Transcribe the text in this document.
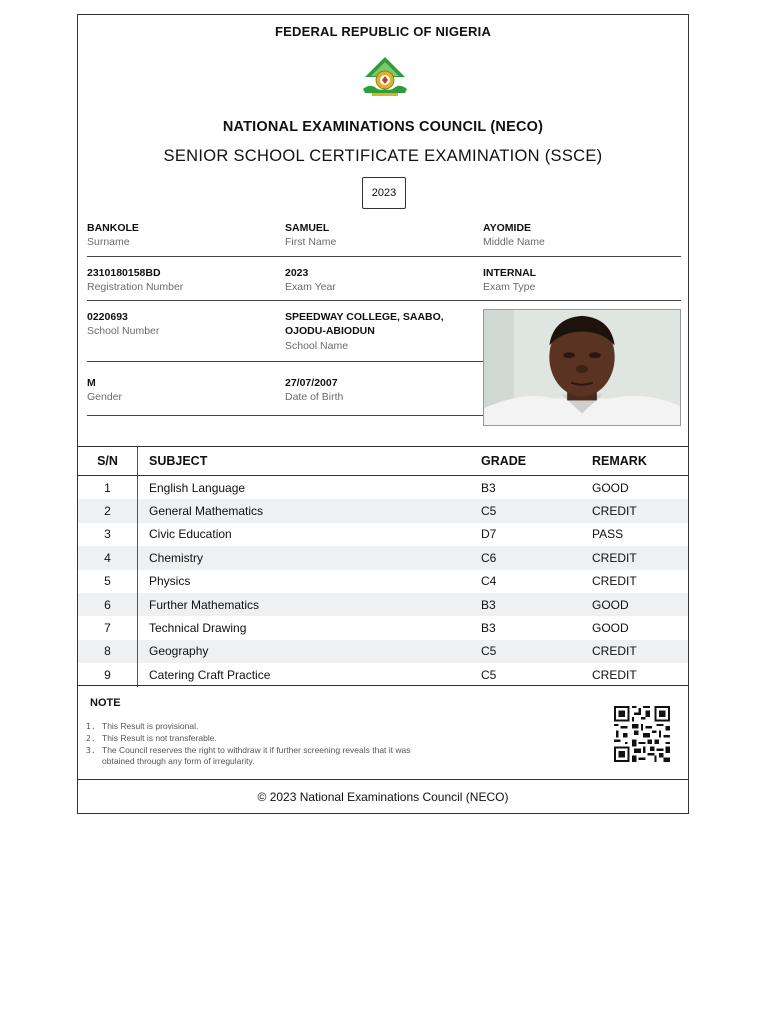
FEDERAL REPUBLIC OF NIGERIA
NATIONAL EXAMINATIONS COUNCIL (NECO)
SENIOR SCHOOL CERTIFICATE EXAMINATION (SSCE)
2023
BANKOLE
Surname
SAMUEL
First Name
AYOMIDE
Middle Name
2310180158BD
Registration Number
2023
Exam Year
INTERNAL
Exam Type
0220693
School Number
SPEEDWAY COLLEGE, SAABO, OJODU-ABIODUN
School Name
M
Gender
27/07/2007
Date of Birth
S/N	SUBJECT	GRADE	REMARK
1	English Language	B3	GOOD
2	General Mathematics	C5	CREDIT
3	Civic Education	D7	PASS
4	Chemistry	C6	CREDIT
5	Physics	C4	CREDIT
6	Further Mathematics	B3	GOOD
7	Technical Drawing	B3	GOOD
8	Geography	C5	CREDIT
9	Catering Craft Practice	C5	CREDIT
NOTE
1. This Result is provisional.
2. This Result is not transferable.
3. The Council reserves the right to withdraw it if further screening reveals that it was obtained through any form of irregularity.
© 2023 National Examinations Council (NECO)
